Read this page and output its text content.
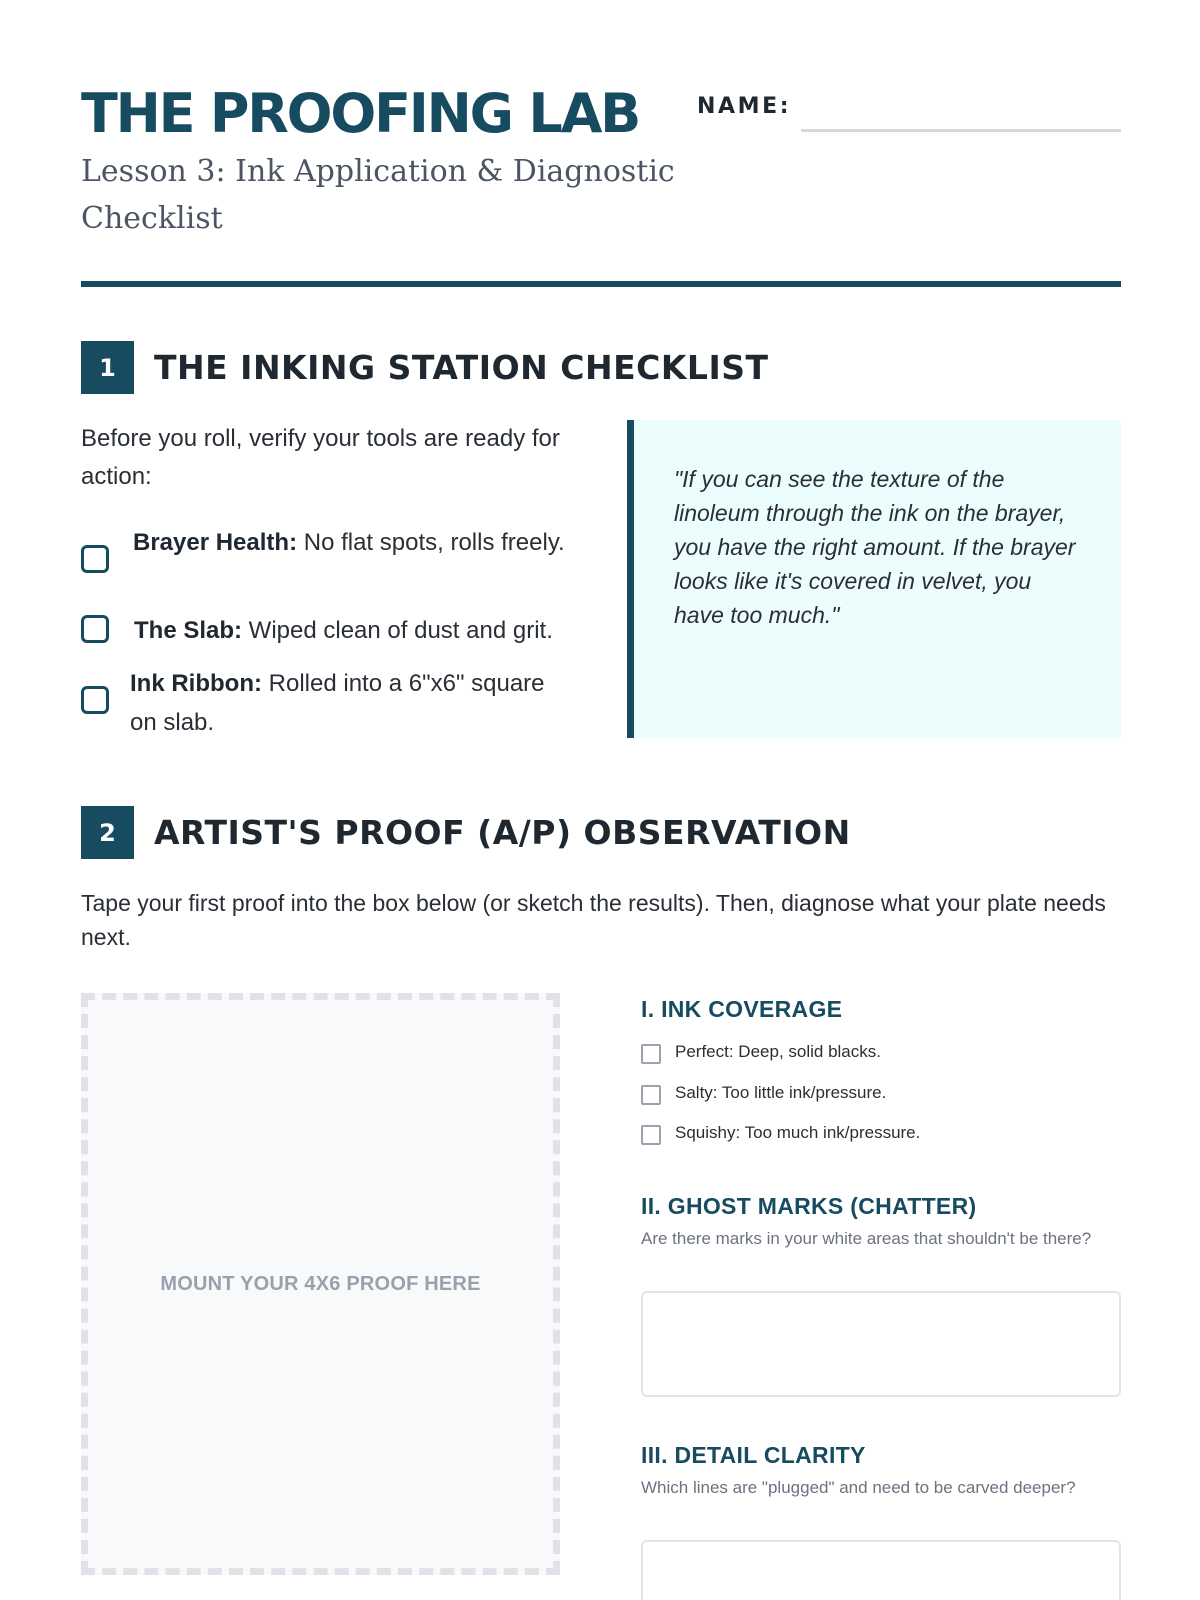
THE PROOFING LAB	NAME:

Lesson 3: Ink Application & Diagnostic Checklist

1	THE INKING STATION CHECKLIST
Before you roll, verify your tools are ready for action:
Brayer Health: No flat spots, rolls freely.
The Slab: Wiped clean of dust and grit.
Ink Ribbon: Rolled into a 6"x6" square on slab.
"If you can see the texture of the linoleum through the ink on the brayer, you have the right amount. If the brayer looks like it's covered in velvet, you have too much."
2	ARTIST'S PROOF (A/P) OBSERVATION
Tape your first proof into the box below (or sketch the results). Then, diagnose what your plate needs next.
MOUNT YOUR 4X6 PROOF HERE
I. INK COVERAGE
Perfect: Deep, solid blacks.
Salty: Too little ink/pressure.
Squishy: Too much ink/pressure.
II. GHOST MARKS (CHATTER)
Are there marks in your white areas that shouldn't be there?
III. DETAIL CLARITY
Which lines are "plugged" and need to be carved deeper?
